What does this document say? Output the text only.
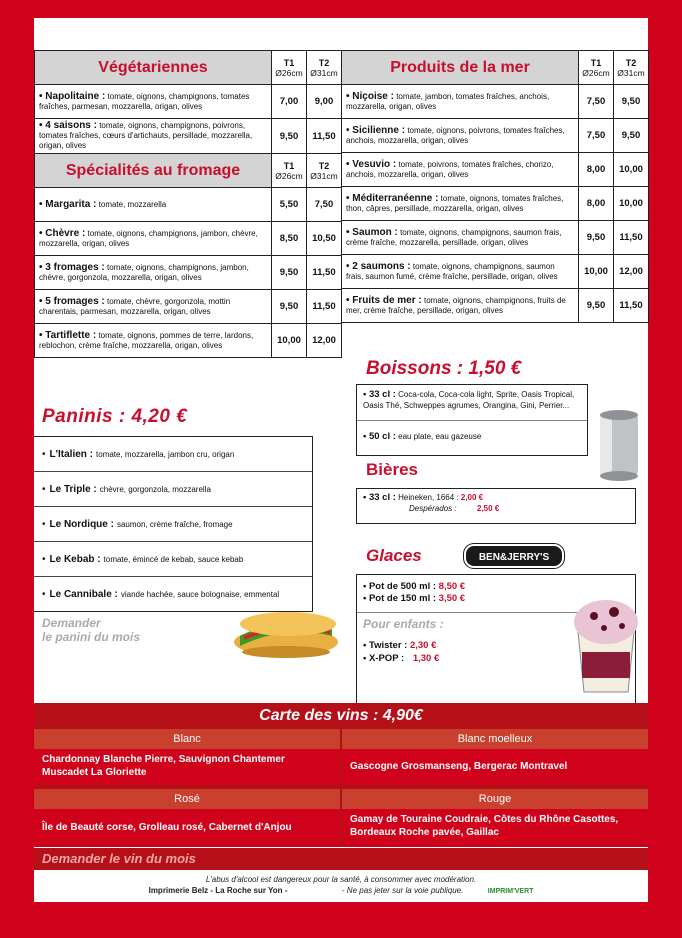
Végétariennes	T1
Ø26cm	T2
Ø31cm

• Napolitaine : tomate, oignons, champignons, tomates fraîches, parmesan, mozzarella, origan, olives	7,00	9,00
• 4 saisons : tomate, oignons, champignons, poivrons, tomates fraîches, cœurs d'artichauts, persillade, mozzarella, origan, olives	9,50	11,50
Spécialités au fromage	T1
Ø26cm	T2
Ø31cm

• Margarita : tomate, mozzarella	5,50	7,50
• Chèvre : tomate, oignons, champignons, jambon, chèvre, mozzarella, origan, olives	8,50	10,50
• 3 fromages : tomate, oignons, champignons, jambon, chèvre, gorgonzola, mozzarella, origan, olives	9,50	11,50
• 5 fromages : tomate, chèvre, gorgonzola, mottin charentais, parmesan, mozzarella, origan, olives	9,50	11,50
• Tartiflette : tomate, oignons, pommes de terre, lardons, reblochon, crème fraîche, mozzarella, origan, olives	10,00	12,00
Produits de la mer	T1
Ø26cm	T2
Ø31cm

• Niçoise : tomate, jambon, tomates fraîches, anchois, mozzarella, origan, olives	7,50	9,50
• Sicilienne : tomate, oignons, poivrons, tomates fraîches, anchois, mozzarella, origan, olives	7,50	9,50
• Vesuvio : tomate, poivrons, tomates fraîches, chorizo, anchois, mozzarella, origan, olives	8,00	10,00
• Méditerranéenne : tomate, oignons, tomates fraîches, thon, câpres, persillade, mozzarella, origan, olives	8,00	10,00
• Saumon : tomate, oignons, champignons, saumon frais, crème fraîche, mozzarella, persillade, origan, olives	9,50	11,50
• 2 saumons : tomate, oignons, champignons, saumon frais, saumon fumé, crème fraîche, persillade, origan, olives	10,00	12,00
• Fruits de mer : tomate, oignons, champignons, fruits de mer, crème fraîche, persillade, origan, olives	9,50	11,50
Paninis : 4,20 €
• L'Italien : tomate, mozzarella, jambon cru, origan
• Le Triple : chèvre, gorgonzola, mozzarella
• Le Nordique : saumon, crème fraîche, fromage
• Le Kebab : tomate, émincé de kebab, sauce kebab
• Le Cannibale : viande hachée, sauce bolognaise, emmental
Demander
le panini du mois
Boissons : 1,50 €
• 33 cl : Coca-cola, Coca-cola light, Sprite, Oasis Tropical, Oasis Thé, Schweppes agrumes, Orangina, Gini, Perrier...
• 50 cl : eau plate, eau gazeuse
Bières
• 33 cl : Heineken, 1664 : 2,00 €
Despérados :	2,50 €
Glaces	BEN&JERRY'S
• Pot de 500 ml : 8,50 €
• Pot de 150 ml : 3,50 €
Pour enfants :
• Twister : 2,30 €
• X-POP : 1,30 €
Carte des vins : 4,90€
Blanc
Chardonnay Blanche Pierre, Sauvignon Chantemer Muscadet La Gloriette
Blanc moelleux
Gascogne Grosmanseng, Bergerac Montravel
Rosé
Île de Beauté corse, Grolleau rosé, Cabernet d'Anjou
Rouge
Gamay de Touraine Coudraie, Côtes du Rhône Casottes, Bordeaux Roche pavée, Gaillac
Demander le vin du mois
L'abus d'alcool est dangereux pour la santé, à consommer avec modération.
Imprimerie Belz - La Roche sur Yon -	- Ne pas jeter sur la voie publique.	IMPRIM'VERT
